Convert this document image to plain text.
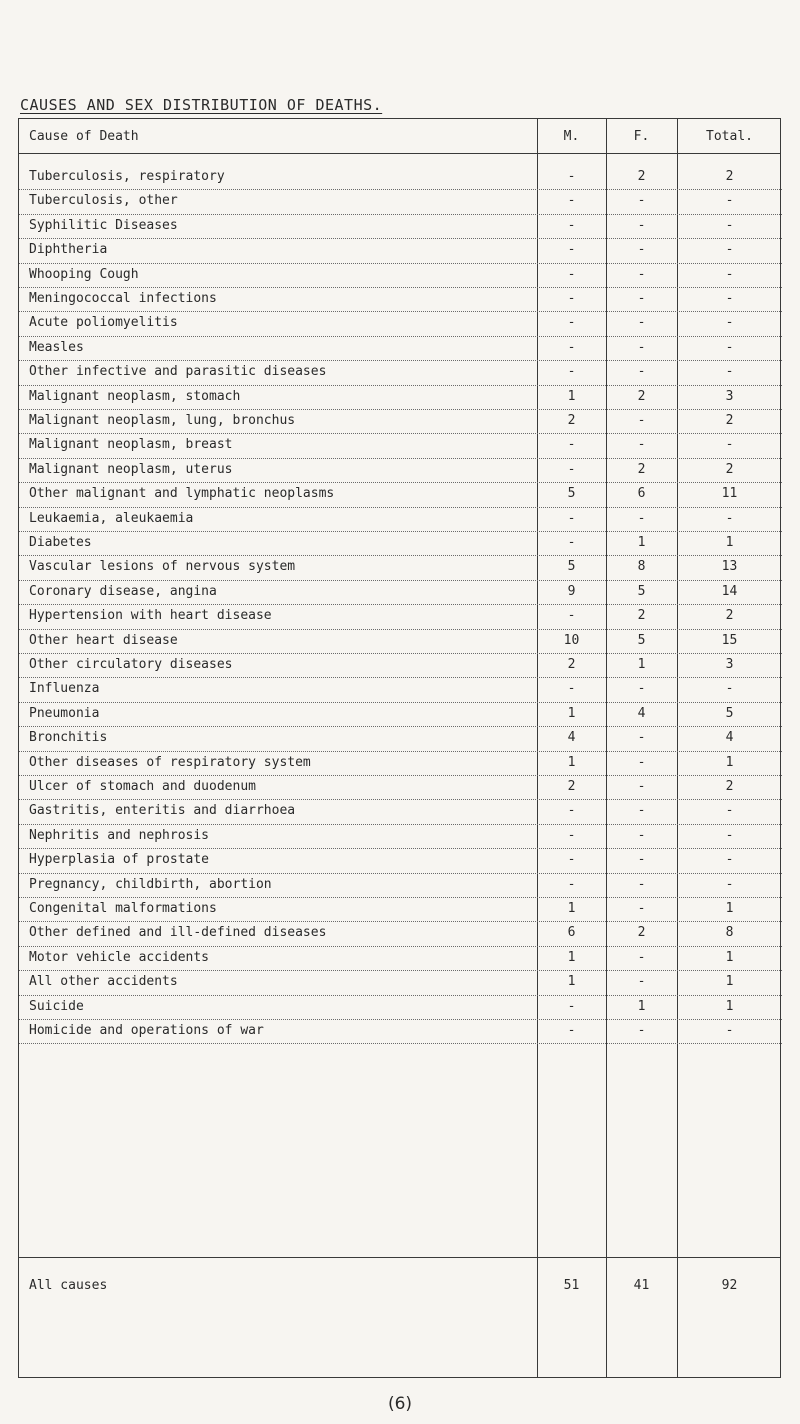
CAUSES AND SEX DISTRIBUTION OF DEATHS.
Cause of Death	M.	F.	Total.
Tuberculosis, respiratory	-	2	2
Tuberculosis, other	-	-	-
Syphilitic Diseases	-	-	-
Diphtheria	-	-	-
Whooping Cough	-	-	-
Meningococcal infections	-	-	-
Acute poliomyelitis	-	-	-
Measles	-	-	-
Other infective and parasitic diseases	-	-	-
Malignant neoplasm, stomach	1	2	3
Malignant neoplasm, lung, bronchus	2	-	2
Malignant neoplasm, breast	-	-	-
Malignant neoplasm, uterus	-	2	2
Other malignant and lymphatic neoplasms	5	6	11
Leukaemia, aleukaemia	-	-	-
Diabetes	-	1	1
Vascular lesions of nervous system	5	8	13
Coronary disease, angina	9	5	14
Hypertension with heart disease	-	2	2
Other heart disease	10	5	15
Other circulatory diseases	2	1	3
Influenza	-	-	-
Pneumonia	1	4	5
Bronchitis	4	-	4
Other diseases of respiratory system	1	-	1
Ulcer of stomach and duodenum	2	-	2
Gastritis, enteritis and diarrhoea	-	-	-
Nephritis and nephrosis	-	-	-
Hyperplasia of prostate	-	-	-
Pregnancy, childbirth, abortion	-	-	-
Congenital malformations	1	-	1
Other defined and ill-defined diseases	6	2	8
Motor vehicle accidents	1	-	1
All other accidents	1	-	1
Suicide	-	1	1
Homicide and operations of war	-	-	-
All causes	51	41	92
(6)
